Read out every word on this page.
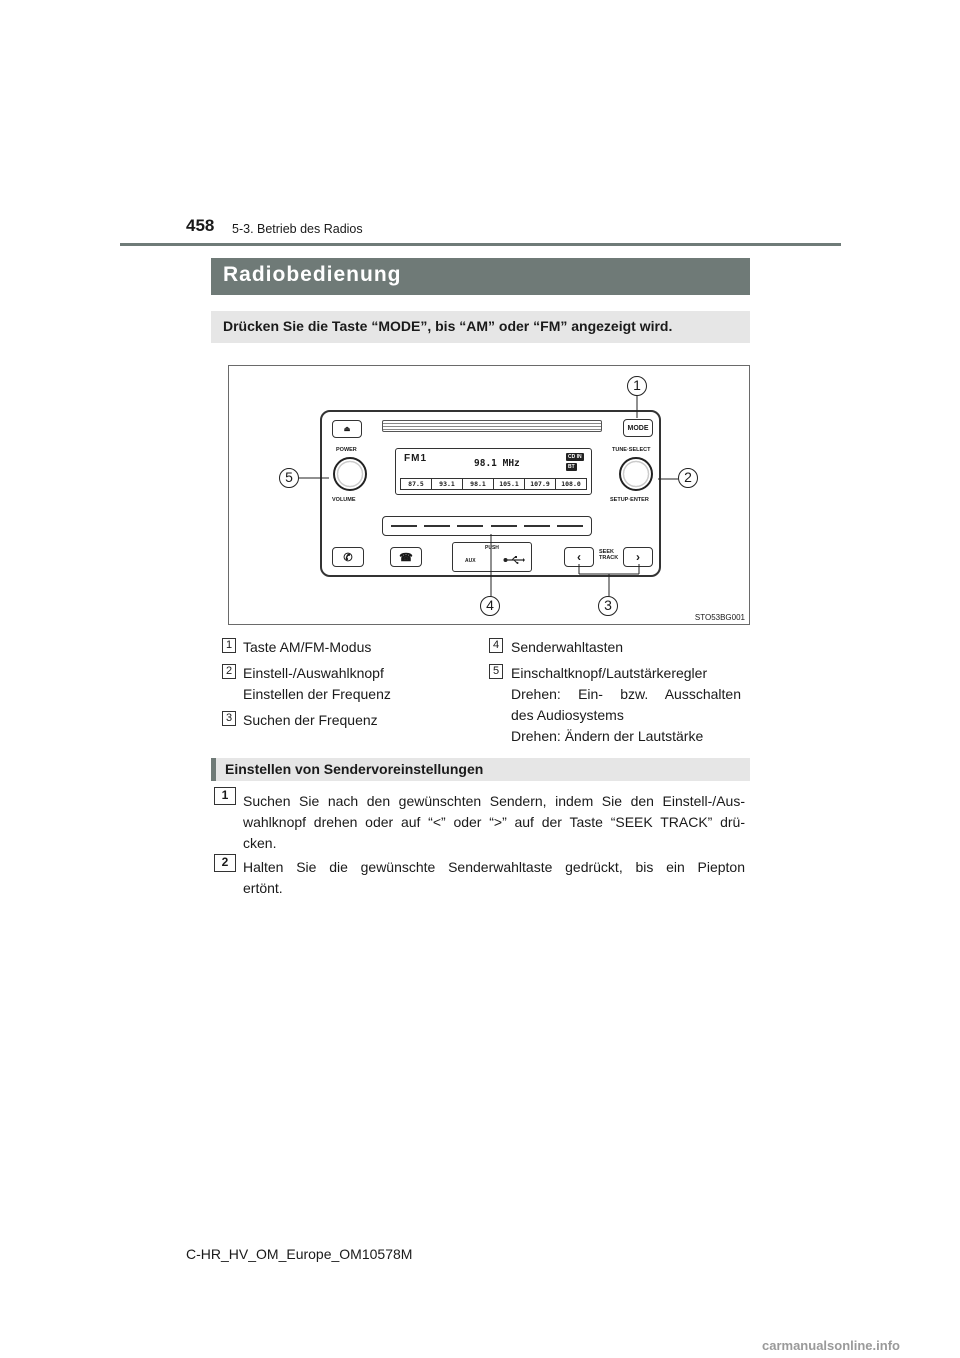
458 5-3. Betrieb des Radios
Radiobedienung
Drücken Sie die Taste “MODE”, bis “AM” oder “FM” angezeigt wird.
⏏	MODE
POWER
VOLUME
TUNE·SELECT
SETUP·ENTER
FM1	98.1 MHz
CD IN
BT
87.5	93.1	98.1	105.1	107.9	108.0
✆	☎
PUSH
AUX	‹	SEEK
TRACK	›
1
2
3
4
5
STO53BG001
1 Taste AM/FM-Modus
2 Einstell-/Auswahlknopf
Einstellen der Frequenz
3 Suchen der Frequenz
4 Senderwahltasten
5 Einschaltknopf/Lautstärkeregler
Drehen: Ein- bzw. Ausschalten
des Audiosystems
Drehen: Ändern der Lautstärke
Einstellen von Sendervoreinstellungen
1	Suchen Sie nach den gewünschten Sendern, indem Sie den Einstell-/Aus-
wahlknopf drehen oder auf “<” oder “>” auf der Taste “SEEK TRACK” drü-
cken.
2	Halten Sie die gewünschte Senderwahltaste gedrückt, bis ein Piepton
ertönt.
C-HR_HV_OM_Europe_OM10578M
carmanualsonline.info
